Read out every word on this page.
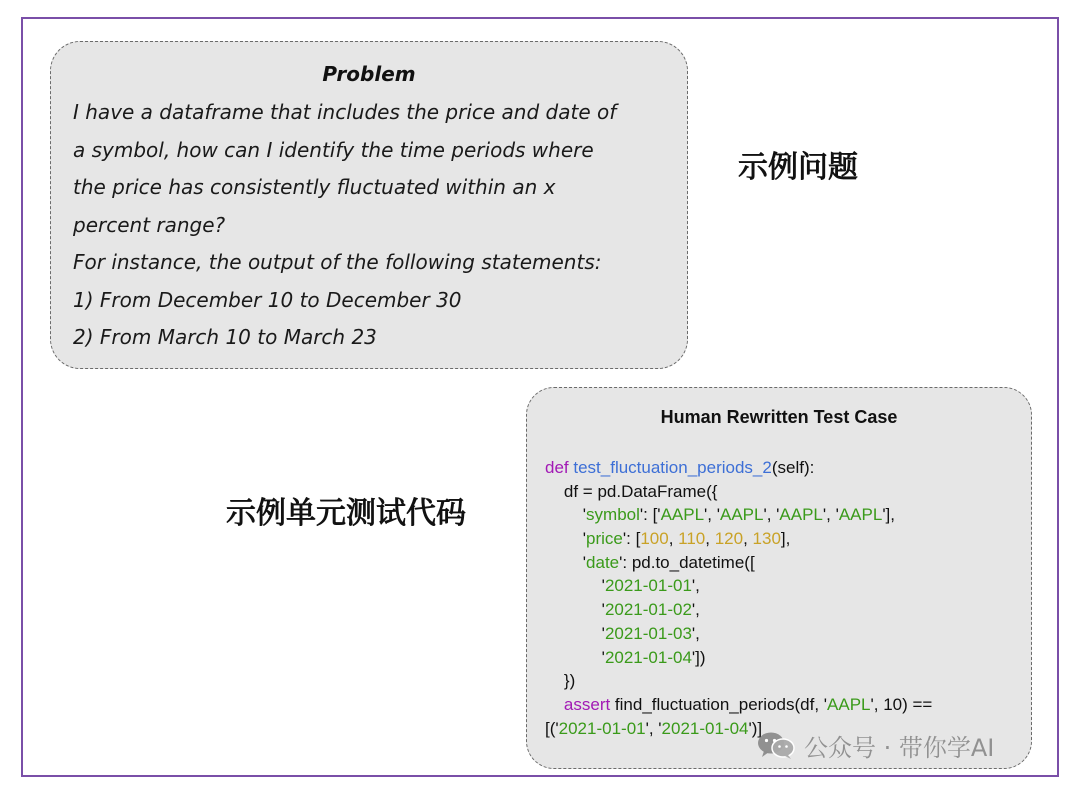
Problem
I have a dataframe that includes the price and date of
a symbol, how can I identify the time periods where
the price has consistently fluctuated within an x
percent range?
For instance, the output of the following statements:
1) From December 10 to December 30
2) From March 10 to March 23
示例问题
示例单元测试代码
Human Rewritten Test Case
def test_fluctuation_periods_2(self):
df = pd.DataFrame({
'symbol': ['AAPL', 'AAPL', 'AAPL', 'AAPL'],
'price': [100, 110, 120, 130],
'date': pd.to_datetime([
'2021-01-01',
'2021-01-02',
'2021-01-03',
'2021-01-04'])
})
assert find_fluctuation_periods(df, 'AAPL', 10) ==
[('2021-01-01', '2021-01-04')]
公众号 · 带你学AI
